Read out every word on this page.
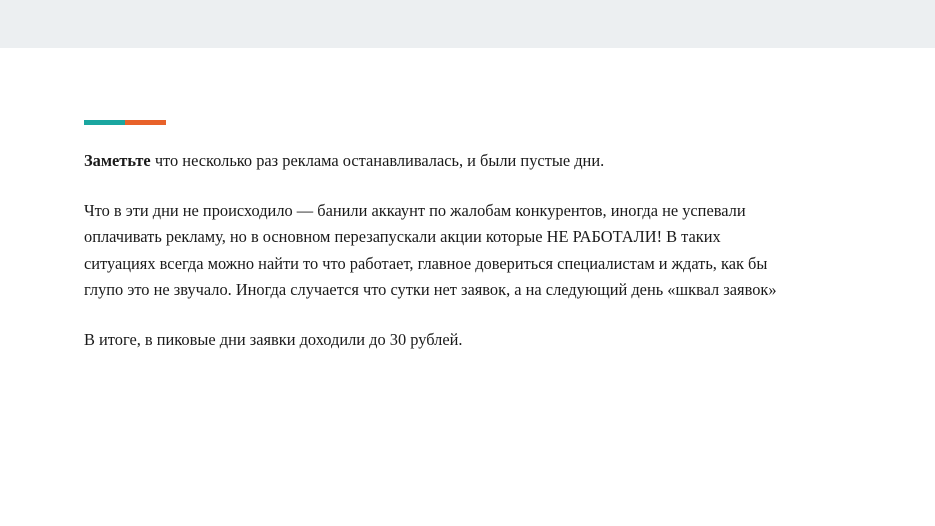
Заметьте что несколько раз реклама останавливалась, и были пустые дни.

Что в эти дни не происходило — банили аккаунт по жалобам конкурентов, иногда не успевали оплачивать рекламу, но в основном перезапускали акции которые НЕ РАБОТАЛИ! В таких ситуациях всегда можно найти то что работает, главное довериться специалистам и ждать, как бы глупо это не звучало. Иногда случается что сутки нет заявок, а на следующий день «шквал заявок»

В итоге, в пиковые дни заявки доходили до 30 рублей.
